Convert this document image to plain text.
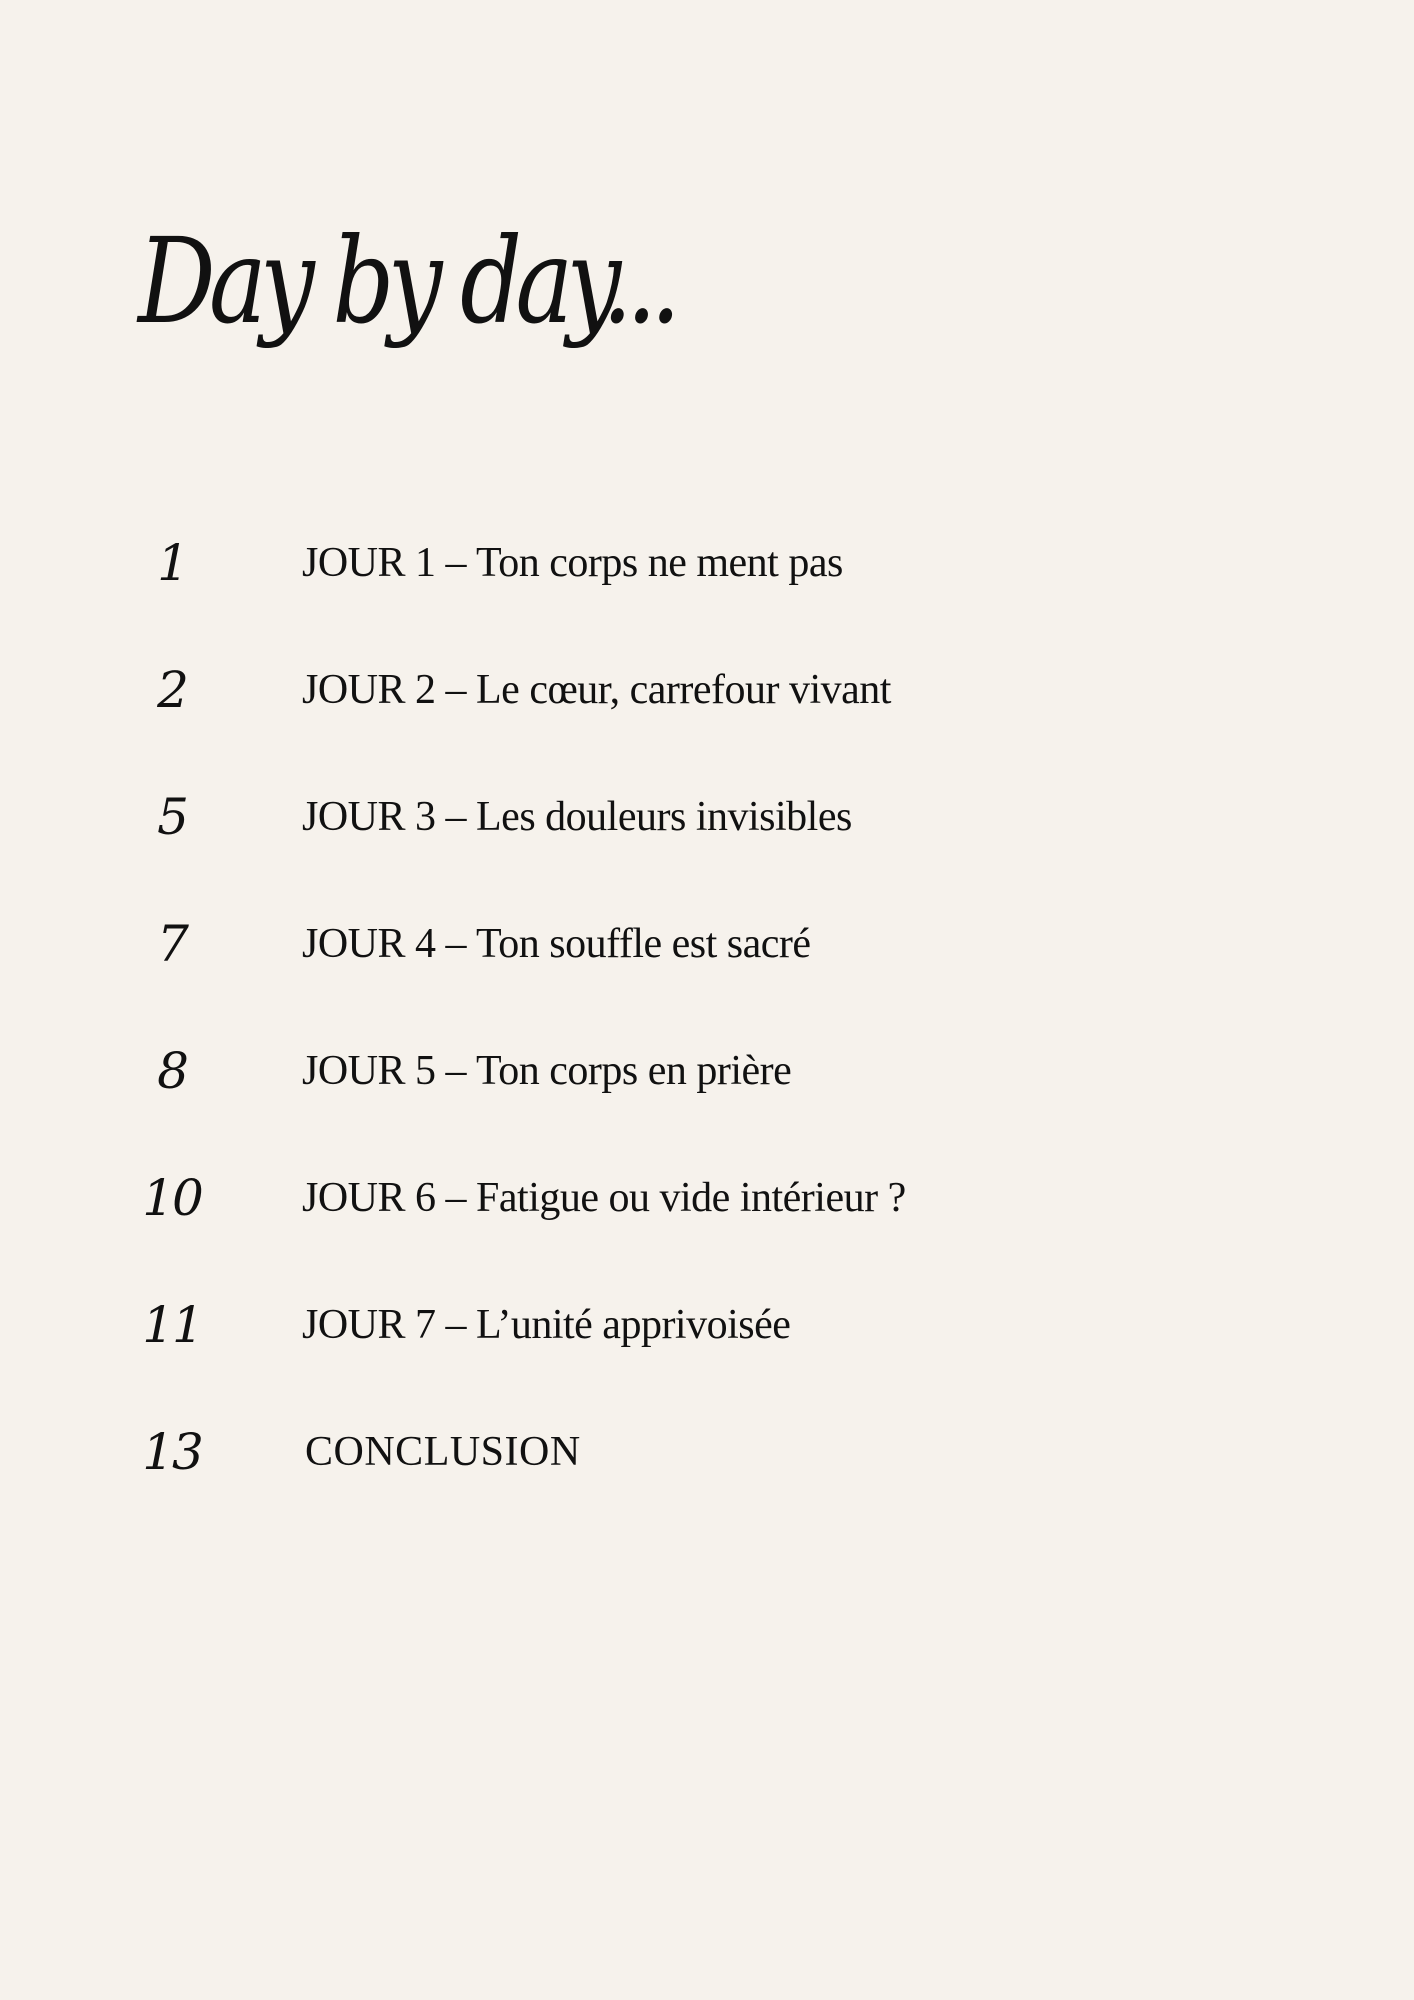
Day by day...
1	JOUR 1 – Ton corps ne ment pas
2	JOUR 2 – Le cœur, carrefour vivant
5	JOUR 3 – Les douleurs invisibles
7	JOUR 4 – Ton souffle est sacré
8	JOUR 5 – Ton corps en prière
10	JOUR 6 – Fatigue ou vide intérieur ?
11	JOUR 7 – L’unité apprivoisée
13	CONCLUSION
